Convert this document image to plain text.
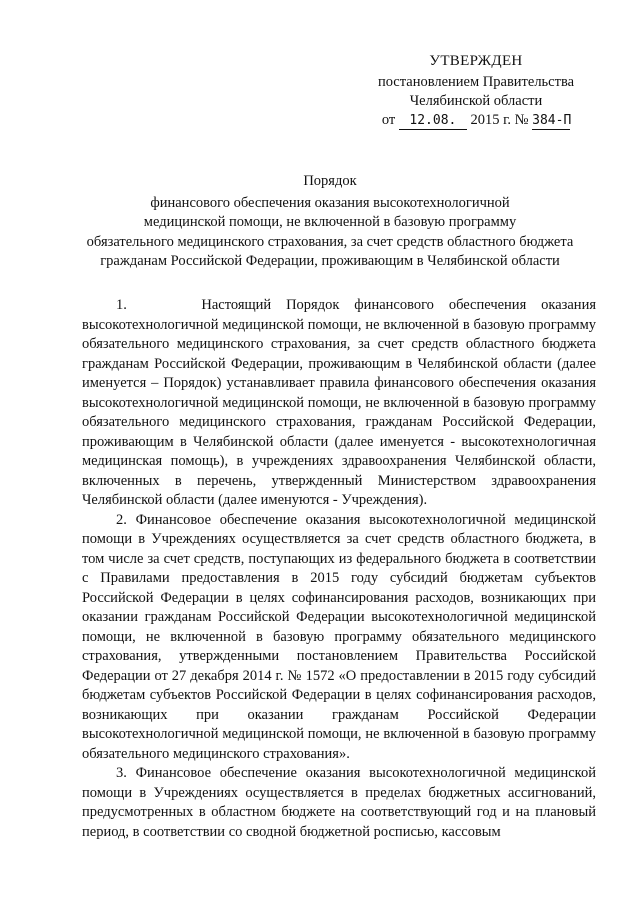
УТВЕРЖДЕН
постановлением Правительства
Челябинской области
от 12.08. 2015 г. № 384-П
Порядок
финансового обеспечения оказания высокотехнологичной
медицинской помощи, не включенной в базовую программу
обязательного медицинского страхования, за счет средств областного бюджета
гражданам Российской Федерации, проживающим в Челябинской области

1.     Настоящий Порядок финансового обеспечения оказания высокотехнологичной медицинской помощи, не включенной в базовую программу обязательного медицинского страхования, за счет средств областного бюджета гражданам Российской Федерации, проживающим в Челябинской области (далее именуется – Порядок) устанавливает правила финансового обеспечения оказания высокотехнологичной медицинской помощи, не включенной в базовую программу обязательного медицинского страхования, гражданам Российской Федерации, проживающим в Челябинской области (далее именуется - высокотехнологичная медицинская помощь), в учреждениях здравоохранения Челябинской области, включенных в перечень, утвержденный Министерством здравоохранения Челябинской области (далее именуются - Учреждения).

2. Финансовое обеспечение оказания высокотехнологичной медицинской помощи в Учреждениях осуществляется за счет средств областного бюджета, в том числе за счет средств, поступающих из федерального бюджета в соответствии с Правилами предоставления в 2015 году субсидий бюджетам субъектов Российской Федерации в целях софинансирования расходов, возникающих при оказании гражданам Российской Федерации высокотехнологичной медицинской помощи, не включенной в базовую программу обязательного медицинского страхования, утвержденными постановлением Правительства Российской Федерации от 27 декабря 2014 г. № 1572 «О предоставлении в 2015 году субсидий бюджетам субъектов Российской Федерации в целях софинансирования расходов, возникающих при оказании гражданам Российской Федерации высокотехнологичной медицинской помощи, не включенной в базовую программу обязательного медицинского страхования».

3. Финансовое обеспечение оказания высокотехнологичной медицинской помощи в Учреждениях осуществляется в пределах бюджетных ассигнований, предусмотренных в областном бюджете на соответствующий год и на плановый период, в соответствии со сводной бюджетной росписью, кассовым
